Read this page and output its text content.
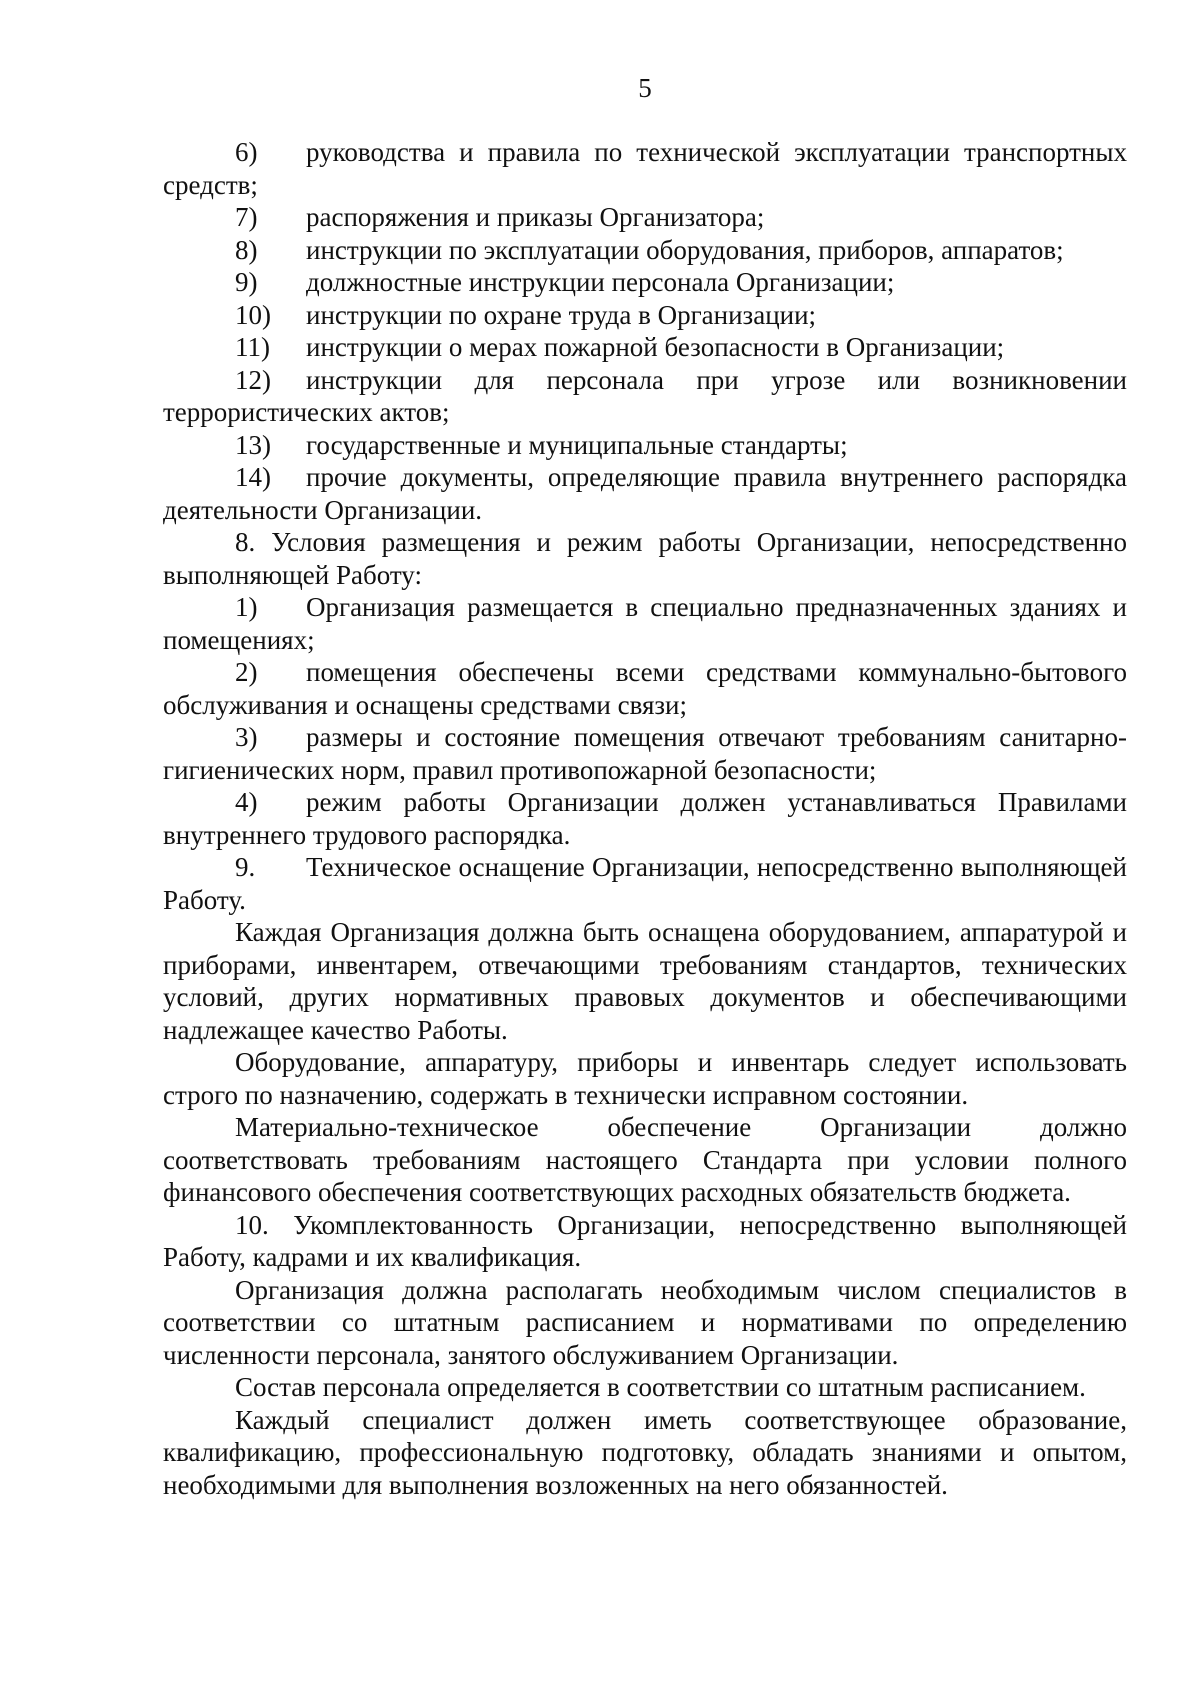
5

6) руководства и правила по технической эксплуатации транспортных средств;

7) распоряжения и приказы Организатора;

8) инструкции по эксплуатации оборудования, приборов, аппаратов;

9) должностные инструкции персонала Организации;

10) инструкции по охране труда в Организации;

11) инструкции о мерах пожарной безопасности в Организации;

12) инструкции для персонала при угрозе или возникновении террористических актов;

13) государственные и муниципальные стандарты;

14) прочие документы, определяющие правила внутреннего распорядка деятельности Организации.

8. Условия размещения и режим работы Организации, непосредственно выполняющей Работу:

1) Организация размещается в специально предназначенных зданиях и помещениях;

2) помещения обеспечены всеми средствами коммунально-бытового обслуживания и оснащены средствами связи;

3) размеры и состояние помещения отвечают требованиям санитарно-гигиенических норм, правил противопожарной безопасности;

4) режим работы Организации должен устанавливаться Правилами внутреннего трудового распорядка.

9. Техническое оснащение Организации, непосредственно выполняющей Работу.

Каждая Организация должна быть оснащена оборудованием, аппаратурой и приборами, инвентарем, отвечающими требованиям стандартов, технических условий, других нормативных правовых документов и обеспечивающими надлежащее качество Работы.

Оборудование, аппаратуру, приборы и инвентарь следует использовать строго по назначению, содержать в технически исправном состоянии.

Материально-техническое обеспечение Организации должно соответствовать требованиям настоящего Стандарта при условии полного финансового обеспечения соответствующих расходных обязательств бюджета.

10. Укомплектованность Организации, непосредственно выполняющей Работу, кадрами и их квалификация.

Организация должна располагать необходимым числом специалистов в соответствии со штатным расписанием и нормативами по определению численности персонала, занятого обслуживанием Организации.

Состав персонала определяется в соответствии со штатным расписанием.

Каждый специалист должен иметь соответствующее образование, квалификацию, профессиональную подготовку, обладать знаниями и опытом, необходимыми для выполнения возложенных на него обязанностей.
